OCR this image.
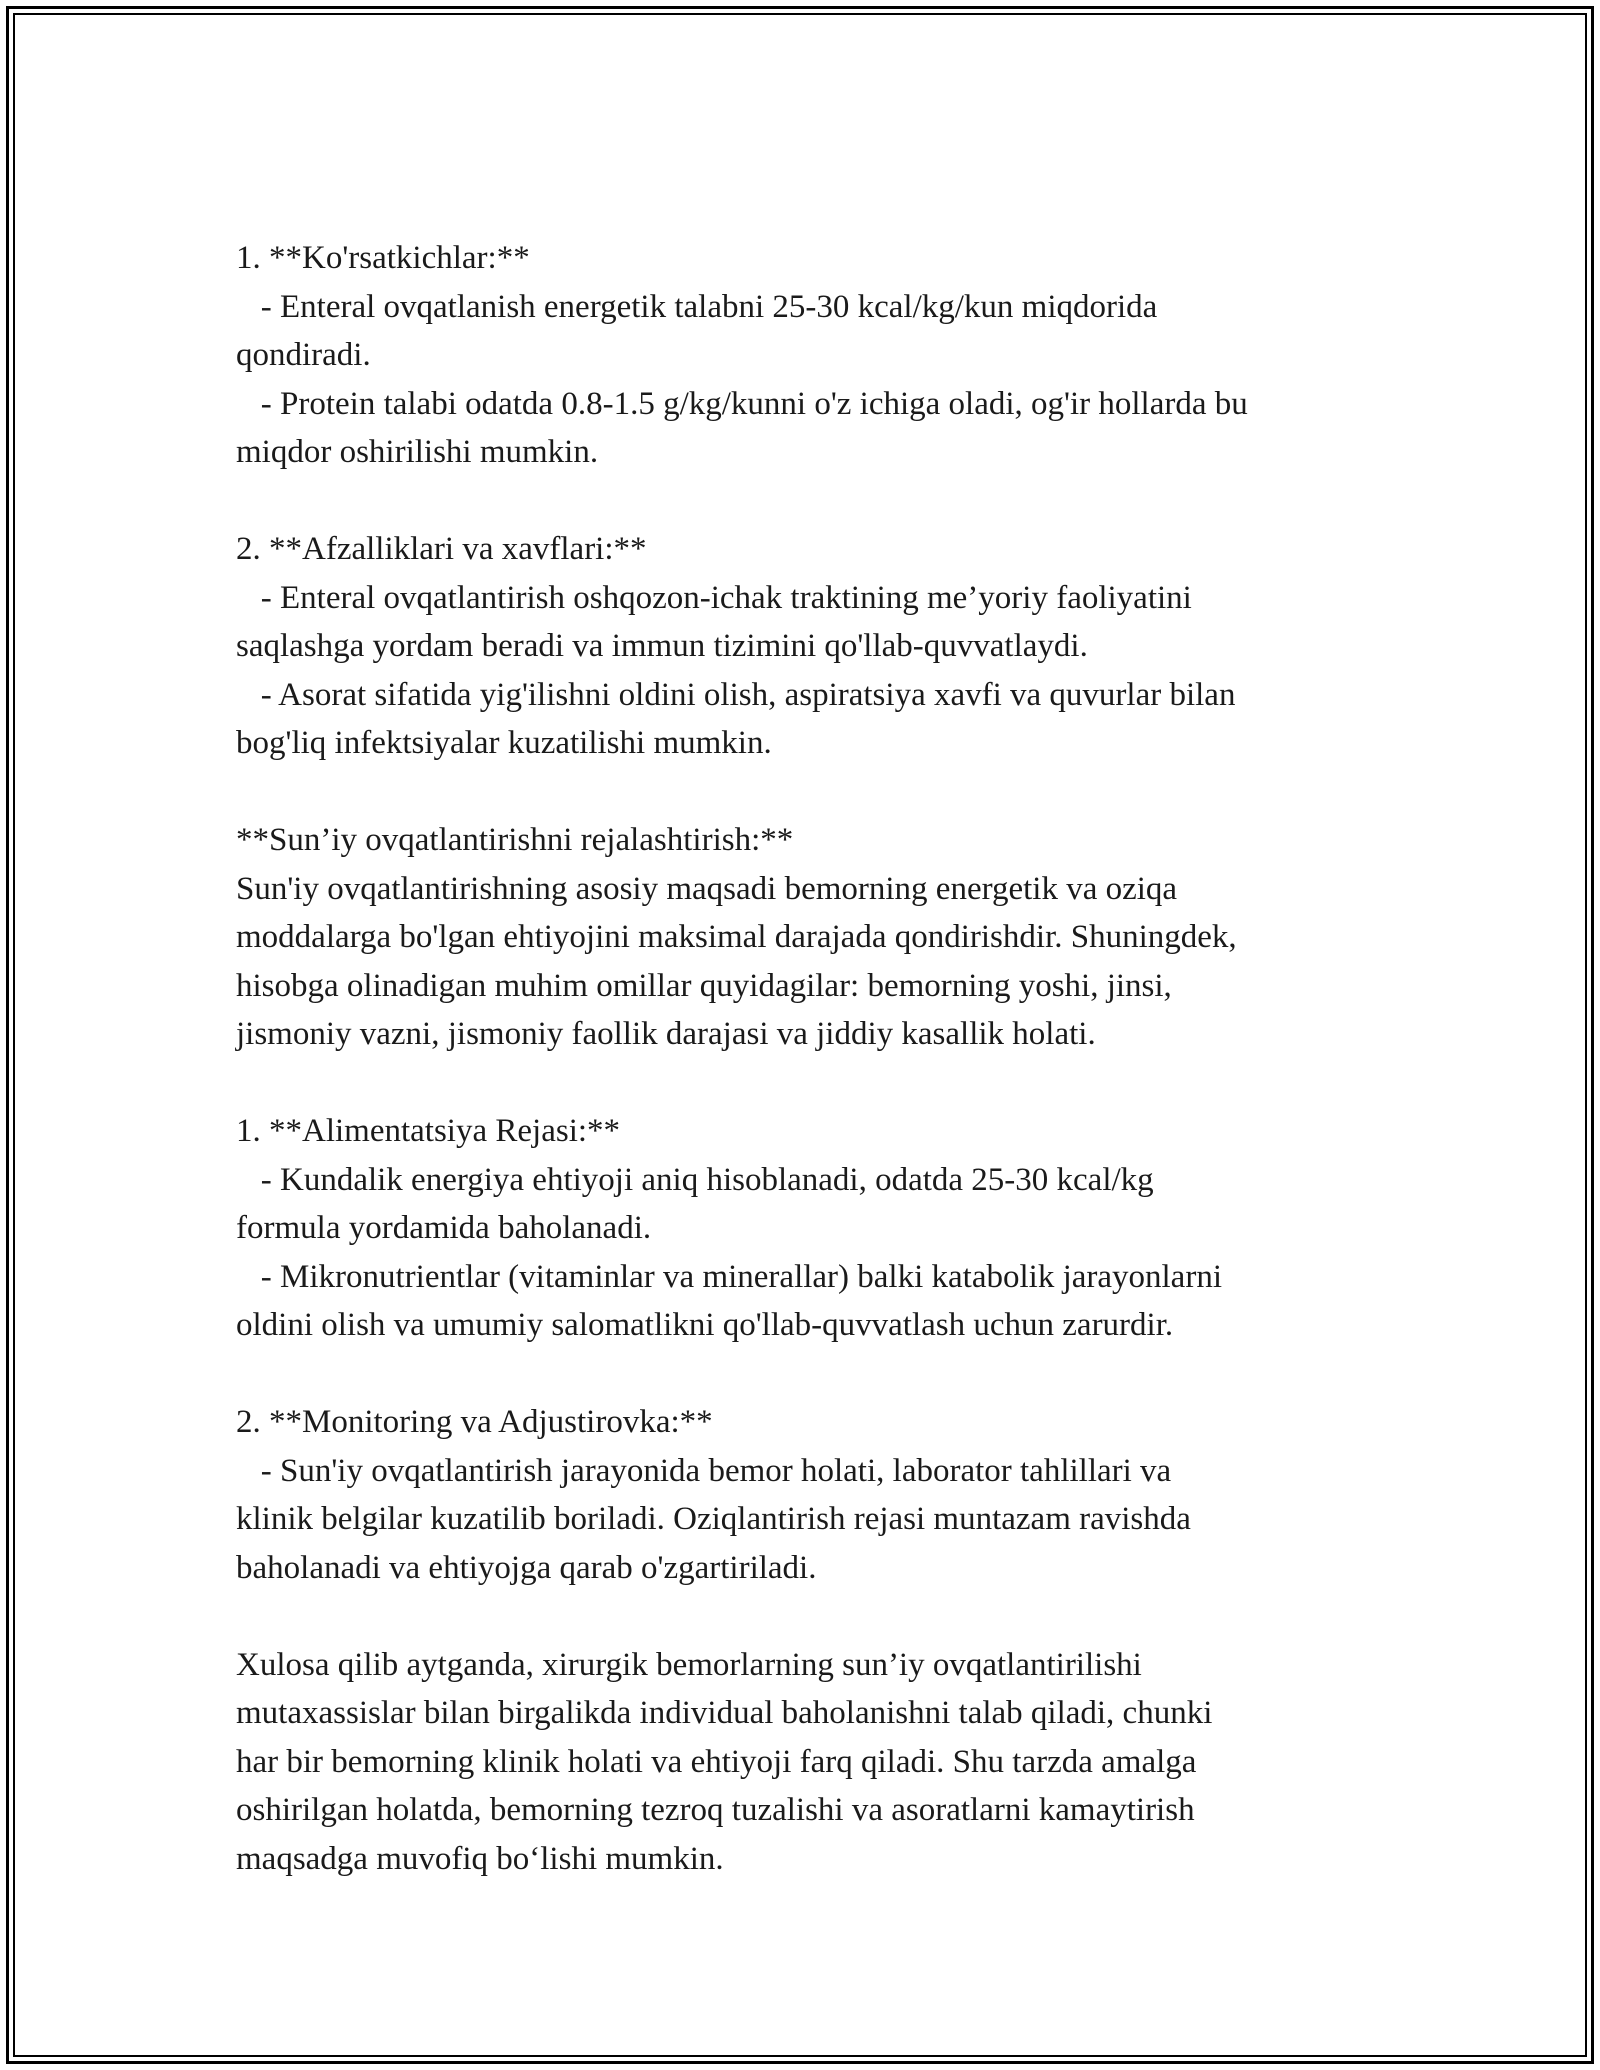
1. **Ko'rsatkichlar:**
- Enteral ovqatlanish energetik talabni 25-30 kcal/kg/kun miqdorida
qondiradi.
- Protein talabi odatda 0.8-1.5 g/kg/kunni o'z ichiga oladi, og'ir hollarda bu
miqdor oshirilishi mumkin.
2. **Afzalliklari va xavflari:**
- Enteral ovqatlantirish oshqozon-ichak traktining me’yoriy faoliyatini
saqlashga yordam beradi va immun tizimini qo'llab-quvvatlaydi.
- Asorat sifatida yig'ilishni oldini olish, aspiratsiya xavfi va quvurlar bilan
bog'liq infektsiyalar kuzatilishi mumkin.
**Sun’iy ovqatlantirishni rejalashtirish:**
Sun'iy ovqatlantirishning asosiy maqsadi bemorning energetik va oziqa
moddalarga bo'lgan ehtiyojini maksimal darajada qondirishdir. Shuningdek,
hisobga olinadigan muhim omillar quyidagilar: bemorning yoshi, jinsi,
jismoniy vazni, jismoniy faollik darajasi va jiddiy kasallik holati.
1. **Alimentatsiya Rejasi:**
- Kundalik energiya ehtiyoji aniq hisoblanadi, odatda 25-30 kcal/kg
formula yordamida baholanadi.
- Mikronutrientlar (vitaminlar va minerallar) balki katabolik jarayonlarni
oldini olish va umumiy salomatlikni qo'llab-quvvatlash uchun zarurdir.
2. **Monitoring va Adjustirovka:**
- Sun'iy ovqatlantirish jarayonida bemor holati, laborator tahlillari va
klinik belgilar kuzatilib boriladi. Oziqlantirish rejasi muntazam ravishda
baholanadi va ehtiyojga qarab o'zgartiriladi.
Xulosa qilib aytganda, xirurgik bemorlarning sun’iy ovqatlantirilishi
mutaxassislar bilan birgalikda individual baholanishni talab qiladi, chunki
har bir bemorning klinik holati va ehtiyoji farq qiladi. Shu tarzda amalga
oshirilgan holatda, bemorning tezroq tuzalishi va asoratlarni kamaytirish
maqsadga muvofiq bo‘lishi mumkin.
